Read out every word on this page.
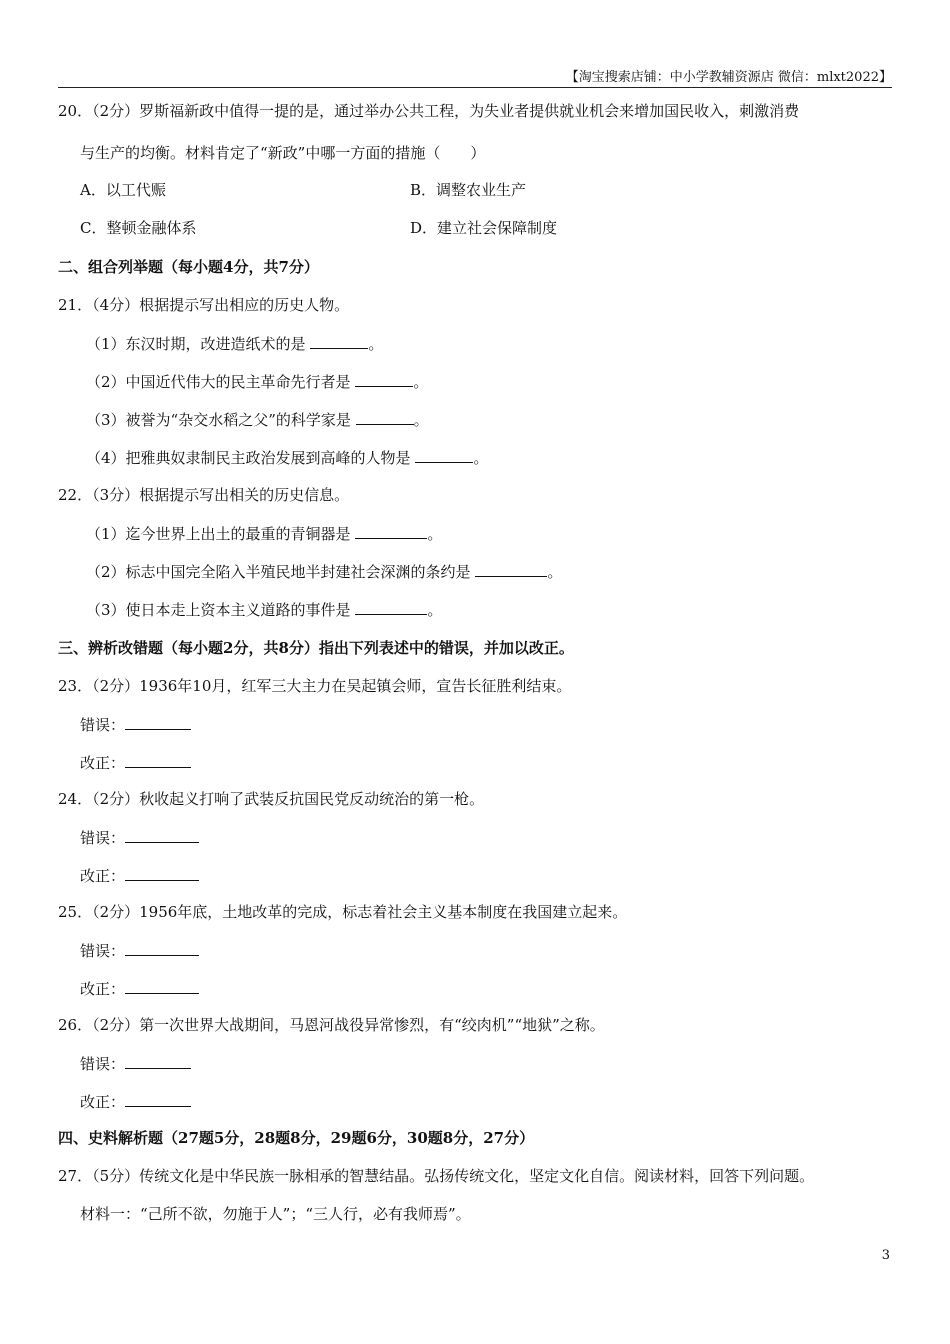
【淘宝搜索店铺：中小学教辅资源店 微信：mlxt2022】
20．（2分）罗斯福新政中值得一提的是，通过举办公共工程，为失业者提供就业机会来增加国民收入，刺激消费
与生产的均衡。材料肯定了“新政”中哪一方面的措施（　　）
A．以工代赈	B．调整农业生产
C．整顿金融体系	D．建立社会保障制度
二、组合列举题（每小题4分，共7分）
21．（4分）根据提示写出相应的历史人物。
（1）东汉时期，改进造纸术的是	。
（2）中国近代伟大的民主革命先行者是	。
（3）被誉为“杂交水稻之父”的科学家是	。
（4）把雅典奴隶制民主政治发展到高峰的人物是	。
22．（3分）根据提示写出相关的历史信息。
（1）迄今世界上出土的最重的青铜器是	。
（2）标志中国完全陷入半殖民地半封建社会深渊的条约是	。
（3）使日本走上资本主义道路的事件是	。
三、辨析改错题（每小题2分，共8分）指出下列表述中的错误，并加以改正。
23．（2分）1936年10月，红军三大主力在吴起镇会师，宣告长征胜利结束。
错误：
改正：
24．（2分）秋收起义打响了武装反抗国民党反动统治的第一枪。
错误：
改正：
25．（2分）1956年底，土地改革的完成，标志着社会主义基本制度在我国建立起来。
错误：
改正：
26．（2分）第一次世界大战期间，马恩河战役异常惨烈，有“绞肉机”“地狱”之称。
错误：
改正：
四、史料解析题（27题5分，28题8分，29题6分，30题8分，27分）
27．（5分）传统文化是中华民族一脉相承的智慧结晶。弘扬传统文化，坚定文化自信。阅读材料，回答下列问题。
材料一：“己所不欲，勿施于人”；“三人行，必有我师焉”。
3
